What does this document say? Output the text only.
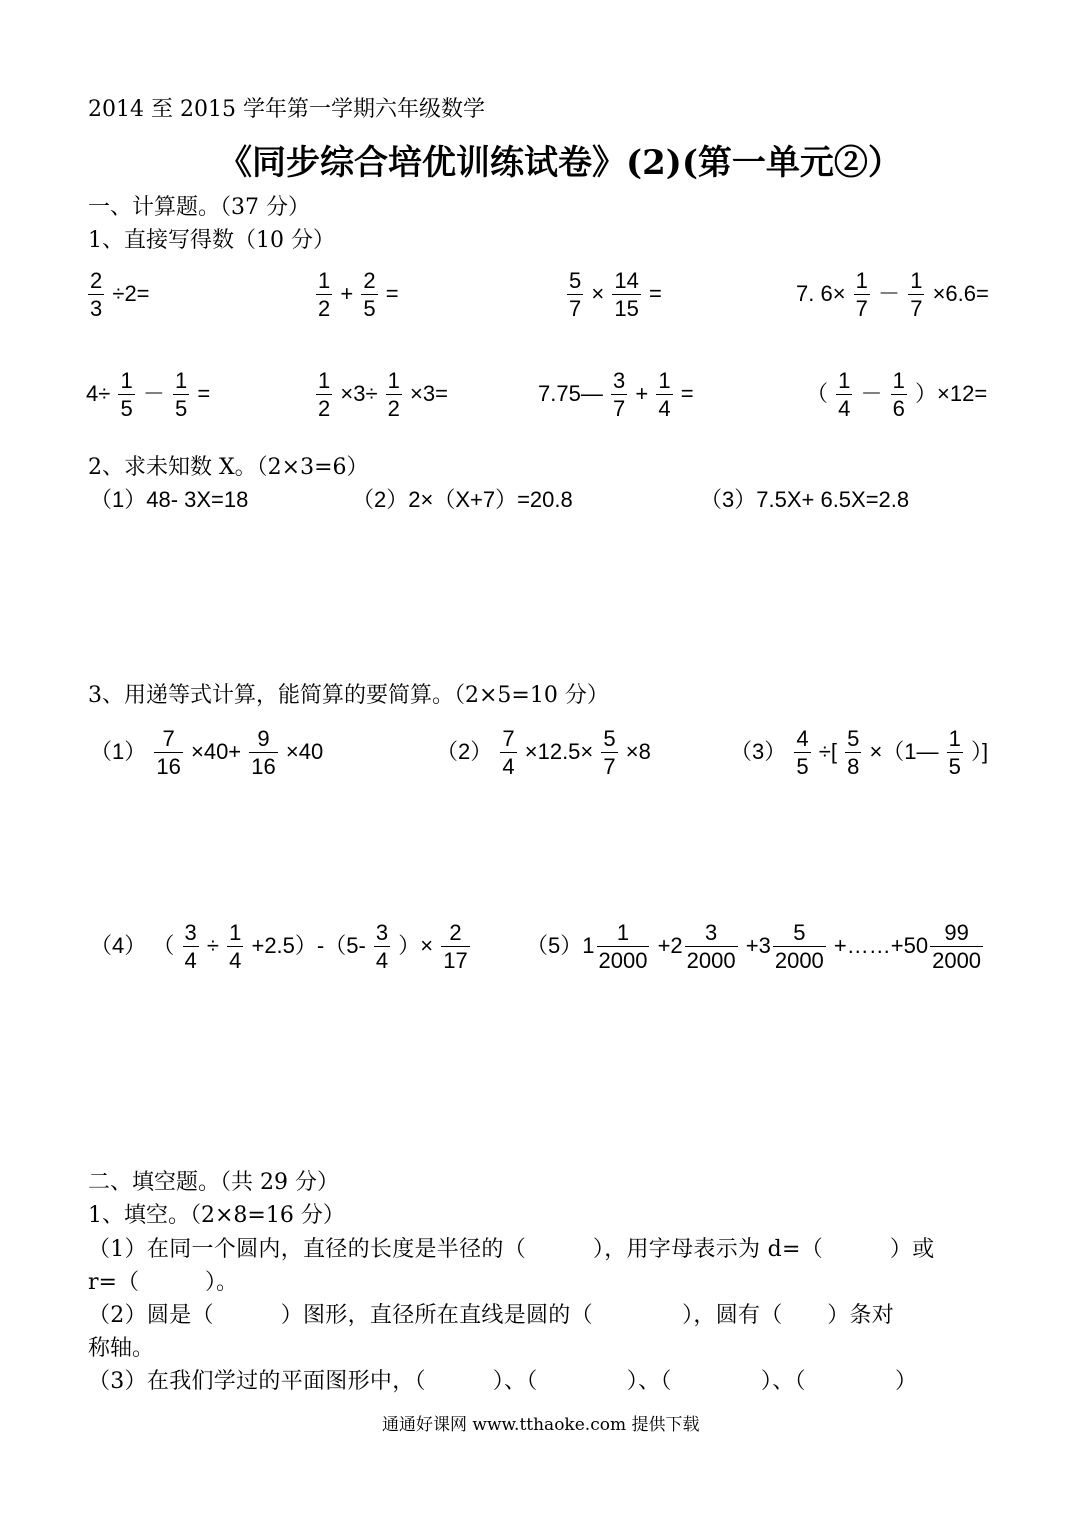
2014 至 2015 学年第一学期六年级数学
《同步综合培优训练试卷》(2)(第一单元②）
一、计算题。（37 分）
1、直接写得数（10 分）
$\frac{2}{3} \div 2=$	$\frac{1}{2} + \frac{2}{5}$ =	$\frac{5}{7} \times \frac{14}{15}$ =	7. $6\times \frac{1}{7} - \frac{1}{7} \times 6.6=$
$4\div \frac{1}{5} - \frac{1}{5}$ =	$\frac{1}{2} \times 3\div \frac{1}{2} \times 3=$	7.75— $\frac{3}{7} + \frac{1}{4}$ =	（ $\frac{1}{4} - \frac{1}{6} )\times 12=$
2、求未知数 X。（2×3=6）
（1）48- 3X=18	（2）2×（X+7）=20.8	（3）7.5X+ 6.5X=2.8
3、用递等式计算，能简算的要简算。（2×5=10 分）
$(1) \frac{7}{16} \times 40+ \frac{9}{16} \times 40$	$(2) \frac{7}{4} \times 12.5\times \frac{5}{7} \times 8$	$(3) \frac{4}{5}$ ÷[ $\frac{5}{8}$ ×（1— $\frac{1}{5}$ ）]
（4） （ $\frac{3}{4} \div \frac{1}{4} +2.5)-(5- \frac{3}{4}$ ）× $\frac{2}{17}$	$(5)1 \frac{1}{2000} +2 \frac{3}{2000} +3 \frac{5}{2000}$ +……+50 $\frac{99}{2000}$
二、填空题。（共 29 分）
1、填空。（2×8=16 分）
（1）在同一个圆内，直径的长度是半径的（　　　），用字母表示为 d=（　　　）或
r=（　　　）。
（2）圆是（　　　）图形，直径所在直线是圆的（　　　　），圆有（　　）条对
称轴。
（3）在我们学过的平面图形中，（　　　）、（　　　　）、（　　　　）、（　　　　）
通通好课网 www.tthaoke.com 提供下载
